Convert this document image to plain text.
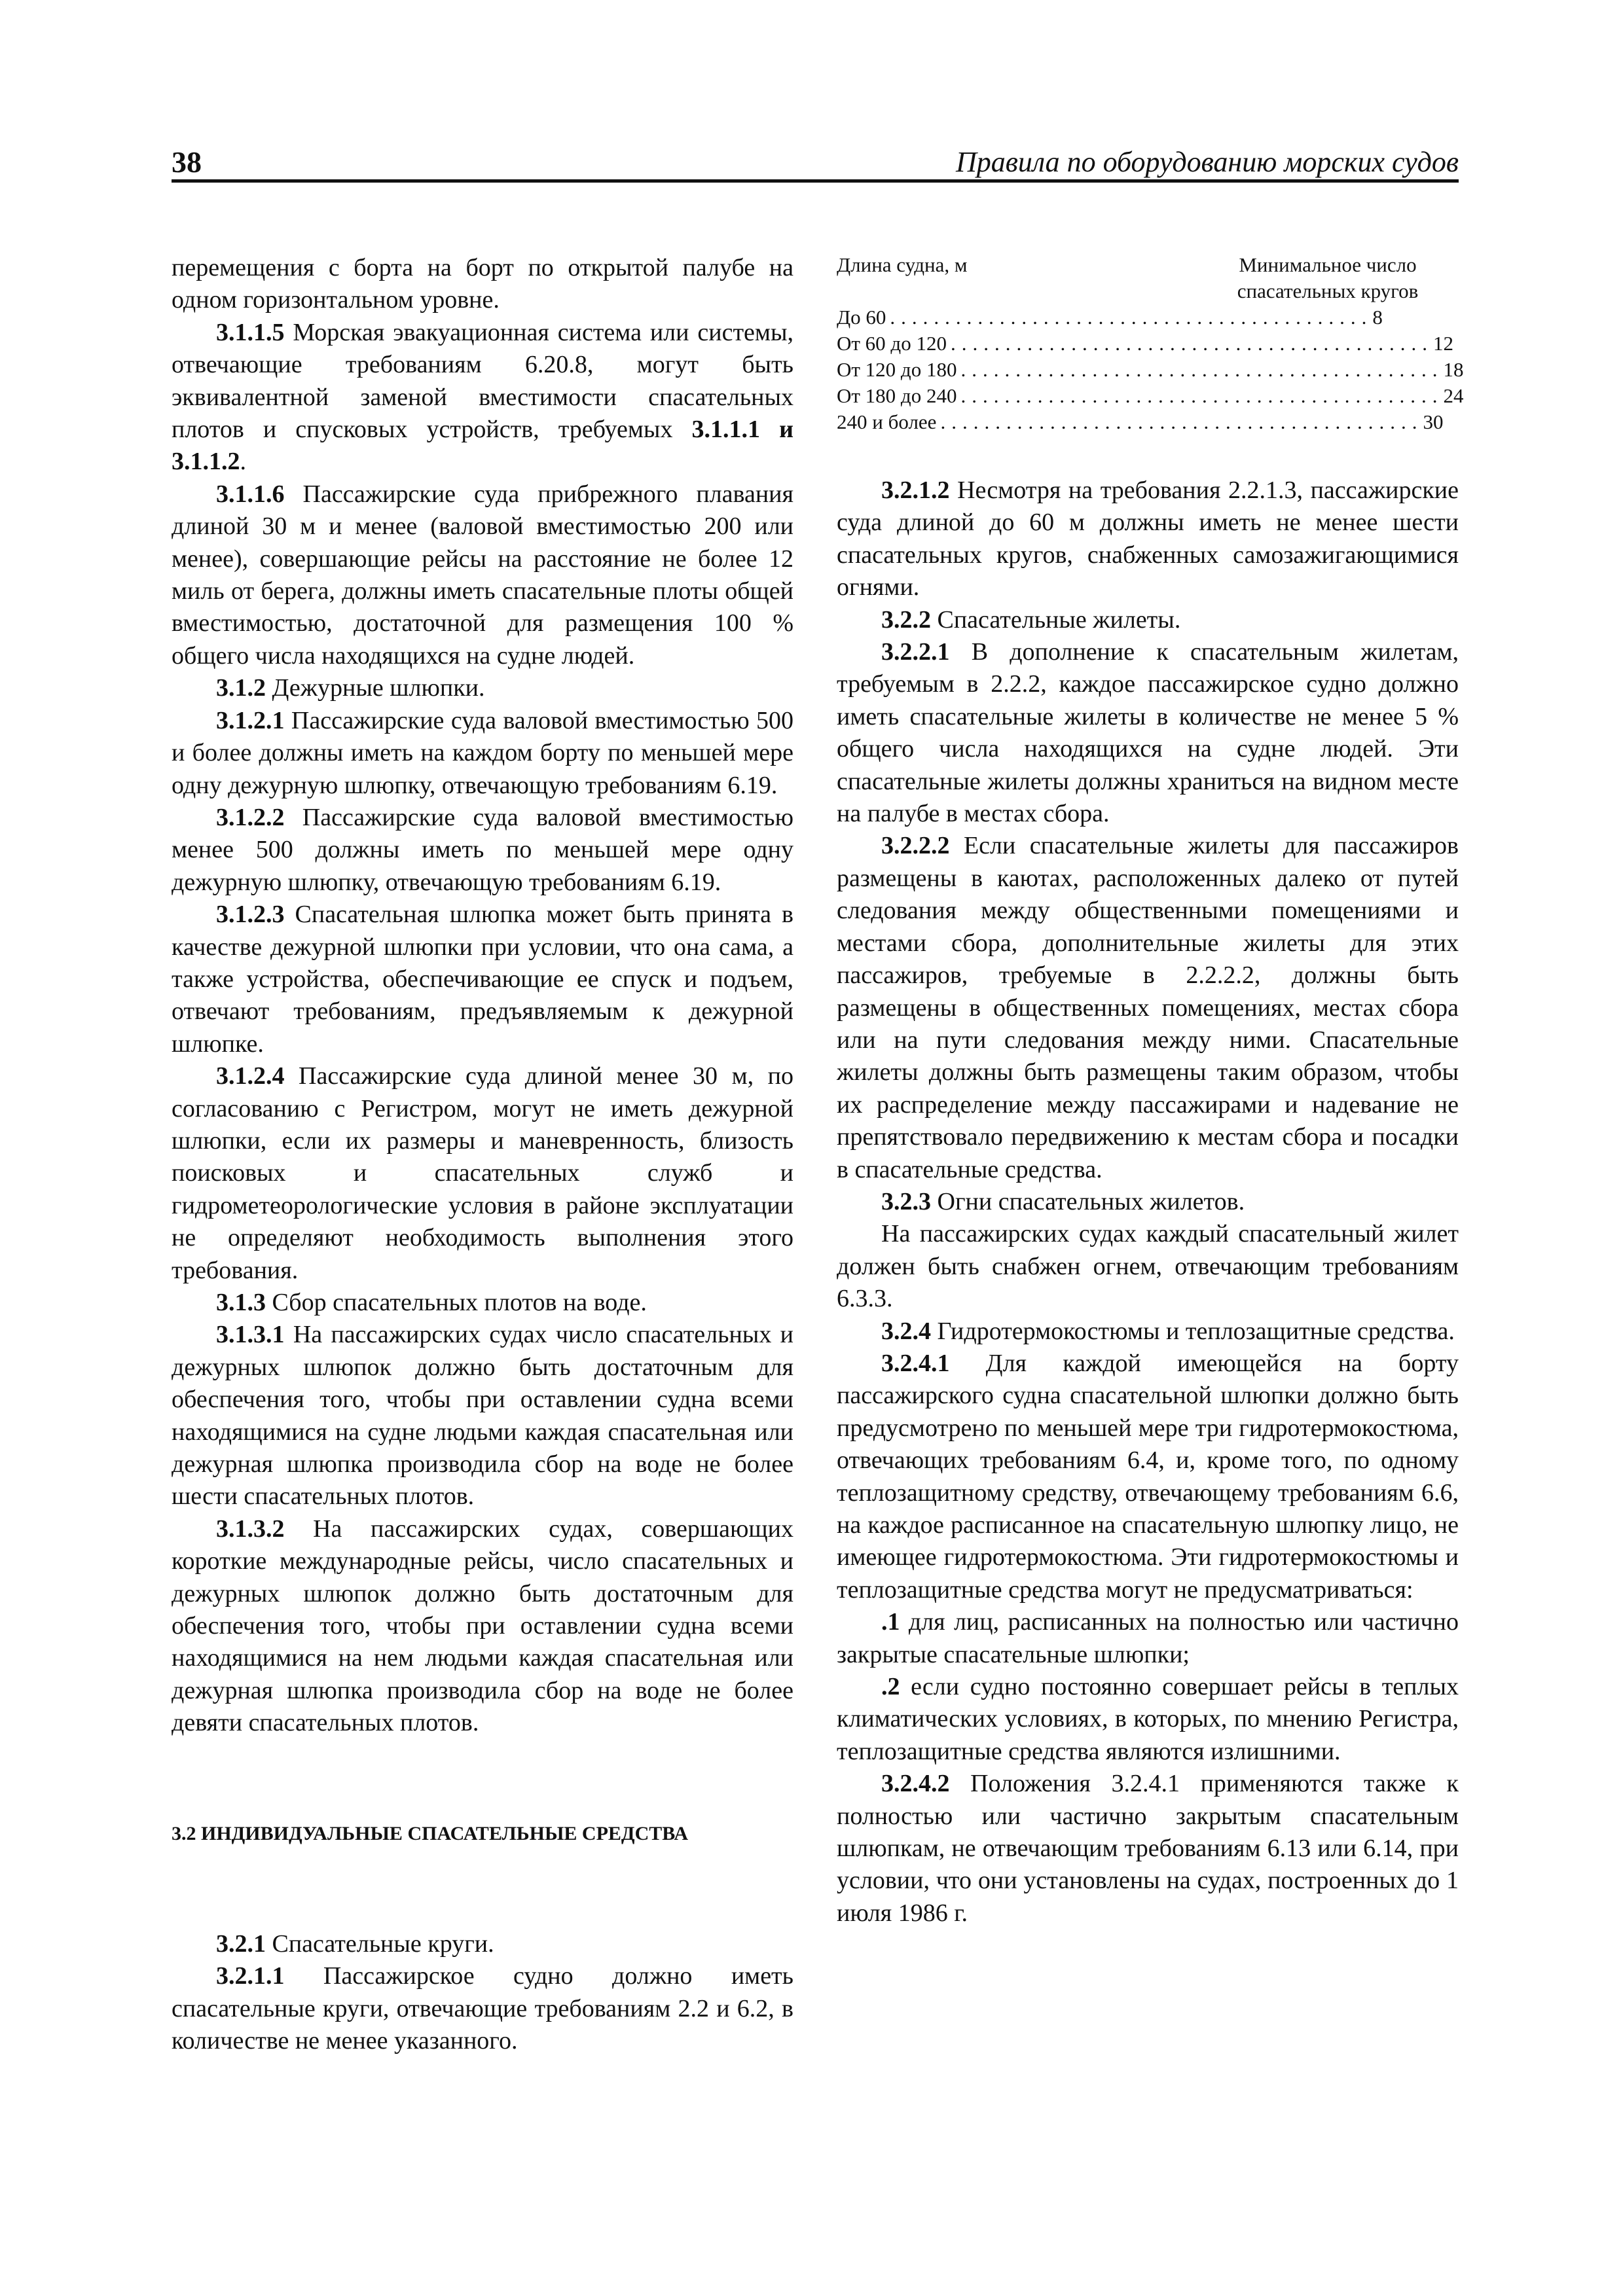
38	Правила по оборудованию морских судов

перемещения с борта на борт по открытой палубе на одном горизонтальном уровне.

3.1.1.5 Морская эвакуационная система или системы, отвечающие требованиям 6.20.8, могут быть эквивалентной заменой вместимости спасательных плотов и спусковых устройств, требуемых 3.1.1.1 и 3.1.1.2.

3.1.1.6 Пассажирские суда прибрежного плавания длиной 30 м и менее (валовой вместимостью 200 или менее), совершающие рейсы на расстояние не более 12 миль от берега, должны иметь спасательные плоты общей вместимостью, достаточной для размещения 100 % общего числа находящихся на судне людей.

3.1.2 Дежурные шлюпки.

3.1.2.1 Пассажирские суда валовой вместимостью 500 и более должны иметь на каждом борту по меньшей мере одну дежурную шлюпку, отвечающую требованиям 6.19.

3.1.2.2 Пассажирские суда валовой вместимостью менее 500 должны иметь по меньшей мере одну дежурную шлюпку, отвечающую требованиям 6.19.

3.1.2.3 Спасательная шлюпка может быть принята в качестве дежурной шлюпки при условии, что она сама, а также устройства, обеспечивающие ее спуск и подъем, отвечают требованиям, предъявляемым к дежурной шлюпке.

3.1.2.4 Пассажирские суда длиной менее 30 м, по согласованию с Регистром, могут не иметь дежурной шлюпки, если их размеры и маневренность, близость поисковых и спасательных служб и гидрометеорологические условия в районе эксплуатации не определяют необходимость выполнения этого требования.

3.1.3 Сбор спасательных плотов на воде.

3.1.3.1 На пассажирских судах число спасательных и дежурных шлюпок должно быть достаточным для обеспечения того, чтобы при оставлении судна всеми находящимися на судне людьми каждая спасательная или дежурная шлюпка производила сбор на воде не более шести спасательных плотов.

3.1.3.2 На пассажирских судах, совершающих короткие международные рейсы, число спасательных и дежурных шлюпок должно быть достаточным для обеспечения того, чтобы при оставлении судна всеми находящимися на нем людьми каждая спасательная или дежурная шлюпка производила сбор на воде не более девяти спасательных плотов.

3.2 ИНДИВИДУАЛЬНЫЕ СПАСАТЕЛЬНЫЕ СРЕДСТВА

3.2.1 Спасательные круги.

3.2.1.1 Пассажирское судно должно иметь спасательные круги, отвечающие требованиям 2.2 и 6.2, в количестве не менее указанного.

Длина судна, м	Минимальное число
спасательных кругов
До 60 ............................................ 8
От 60 до 120 ............................................ 12
От 120 до 180 ............................................ 18
От 180 до 240 ............................................ 24
240 и более ............................................ 30

3.2.1.2 Несмотря на требования 2.2.1.3, пассажирские суда длиной до 60 м должны иметь не менее шести спасательных кругов, снабженных самозажигающимися огнями.

3.2.2 Спасательные жилеты.

3.2.2.1 В дополнение к спасательным жилетам, требуемым в 2.2.2, каждое пассажирское судно должно иметь спасательные жилеты в количестве не менее 5 % общего числа находящихся на судне людей. Эти спасательные жилеты должны храниться на видном месте на палубе в местах сбора.

3.2.2.2 Если спасательные жилеты для пассажиров размещены в каютах, расположенных далеко от путей следования между общественными помещениями и местами сбора, дополнительные жилеты для этих пассажиров, требуемые в 2.2.2.2, должны быть размещены в общественных помещениях, местах сбора или на пути следования между ними. Спасательные жилеты должны быть размещены таким образом, чтобы их распределение между пассажирами и надевание не препятствовало передвижению к местам сбора и посадки в спасательные средства.

3.2.3 Огни спасательных жилетов.

На пассажирских судах каждый спасательный жилет должен быть снабжен огнем, отвечающим требованиям 6.3.3.

3.2.4 Гидротермокостюмы и теплозащитные средства.

3.2.4.1 Для каждой имеющейся на борту пассажирского судна спасательной шлюпки должно быть предусмотрено по меньшей мере три гидротермокостюма, отвечающих требованиям 6.4, и, кроме того, по одному теплозащитному средству, отвечающему требованиям 6.6, на каждое расписанное на спасательную шлюпку лицо, не имеющее гидротермокостюма. Эти гидротермокостюмы и теплозащитные средства могут не предусматриваться:

.1 для лиц, расписанных на полностью или частично закрытые спасательные шлюпки;

.2 если судно постоянно совершает рейсы в теплых климатических условиях, в которых, по мнению Регистра, теплозащитные средства являются излишними.

3.2.4.2 Положения 3.2.4.1 применяются также к полностью или частично закрытым спасательным шлюпкам, не отвечающим требованиям 6.13 или 6.14, при условии, что они установлены на судах, построенных до 1 июля 1986 г.
